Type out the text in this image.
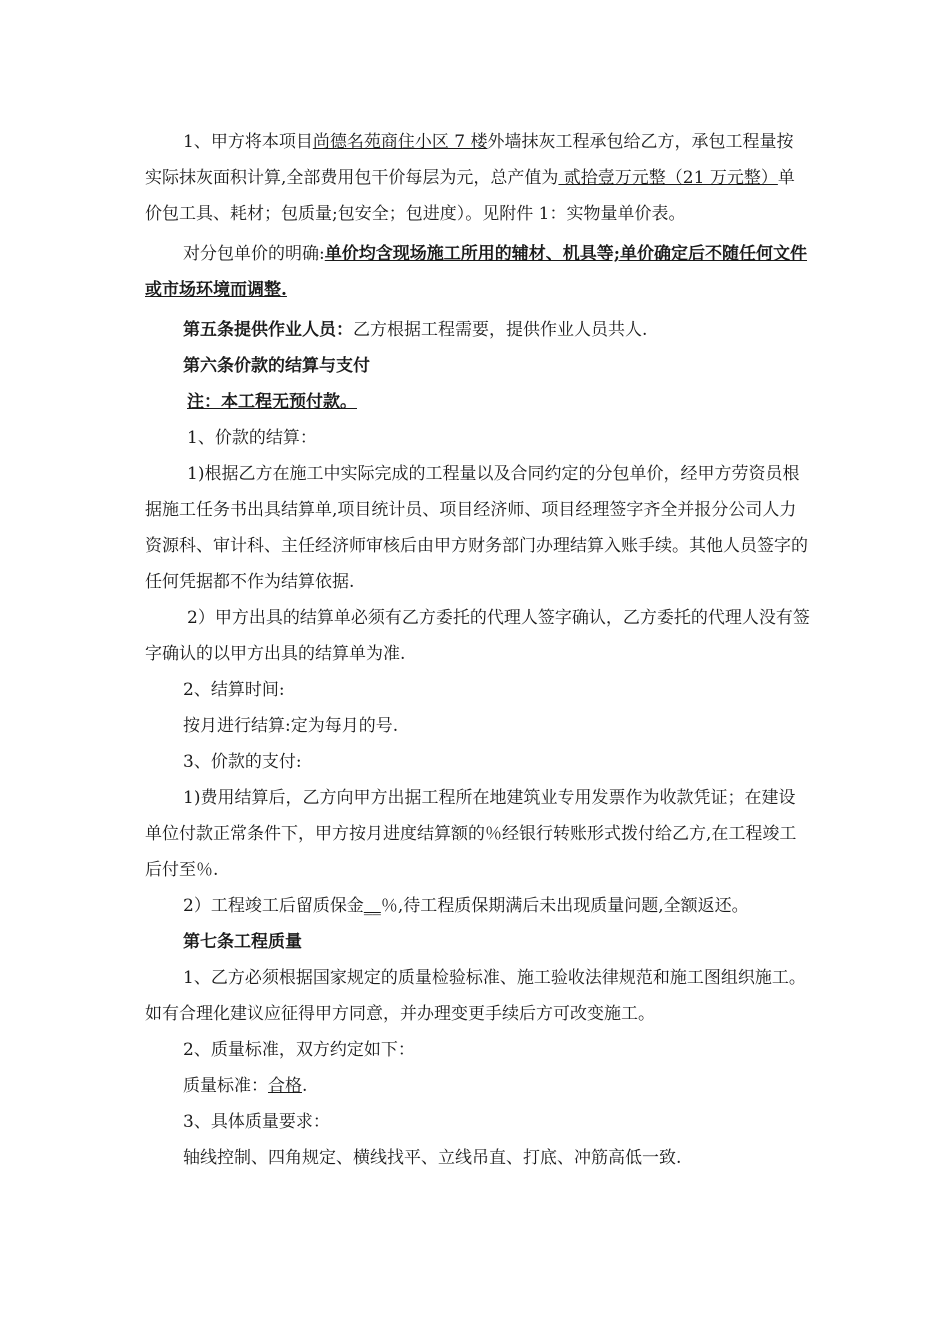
1、甲方将本项目尚德名苑商住小区 7 楼外墙抹灰工程承包给乙方，承包工程量按实际抹灰面积计算,全部费用包干价每层为元，总产值为 贰拾壹万元整（21 万元整）单价包工具、耗材；包质量;包安全；包进度）。见附件 1：实物量单价表。

对分包单价的明确:单价均含现场施工所用的辅材、机具等;单价确定后不随任何文件或市场环境而调整.

第五条提供作业人员：乙方根据工程需要，提供作业人员共人.

第六条价款的结算与支付

注：本工程无预付款。

1、价款的结算：

1)根据乙方在施工中实际完成的工程量以及合同约定的分包单价，经甲方劳资员根据施工任务书出具结算单,项目统计员、项目经济师、项目经理签字齐全并报分公司人力资源科、审计科、主任经济师审核后由甲方财务部门办理结算入账手续。其他人员签字的任何凭据都不作为结算依据.

2）甲方出具的结算单必须有乙方委托的代理人签字确认，乙方委托的代理人没有签字确认的以甲方出具的结算单为准.

2、结算时间:

按月进行结算:定为每月的号.

3、价款的支付:

1)费用结算后，乙方向甲方出据工程所在地建筑业专用发票作为收款凭证；在建设单位付款正常条件下，甲方按月进度结算额的％经银行转账形式拨付给乙方,在工程竣工后付至％.

2）工程竣工后留质保金__％,待工程质保期满后未出现质量问题,全额返还。

第七条工程质量

1、乙方必须根据国家规定的质量检验标准、施工验收法律规范和施工图组织施工。如有合理化建议应征得甲方同意，并办理变更手续后方可改变施工。

2、质量标准，双方约定如下：

质量标准：合格.

3、具体质量要求：

轴线控制、四角规定、横线找平、立线吊直、打底、冲筋高低一致.
